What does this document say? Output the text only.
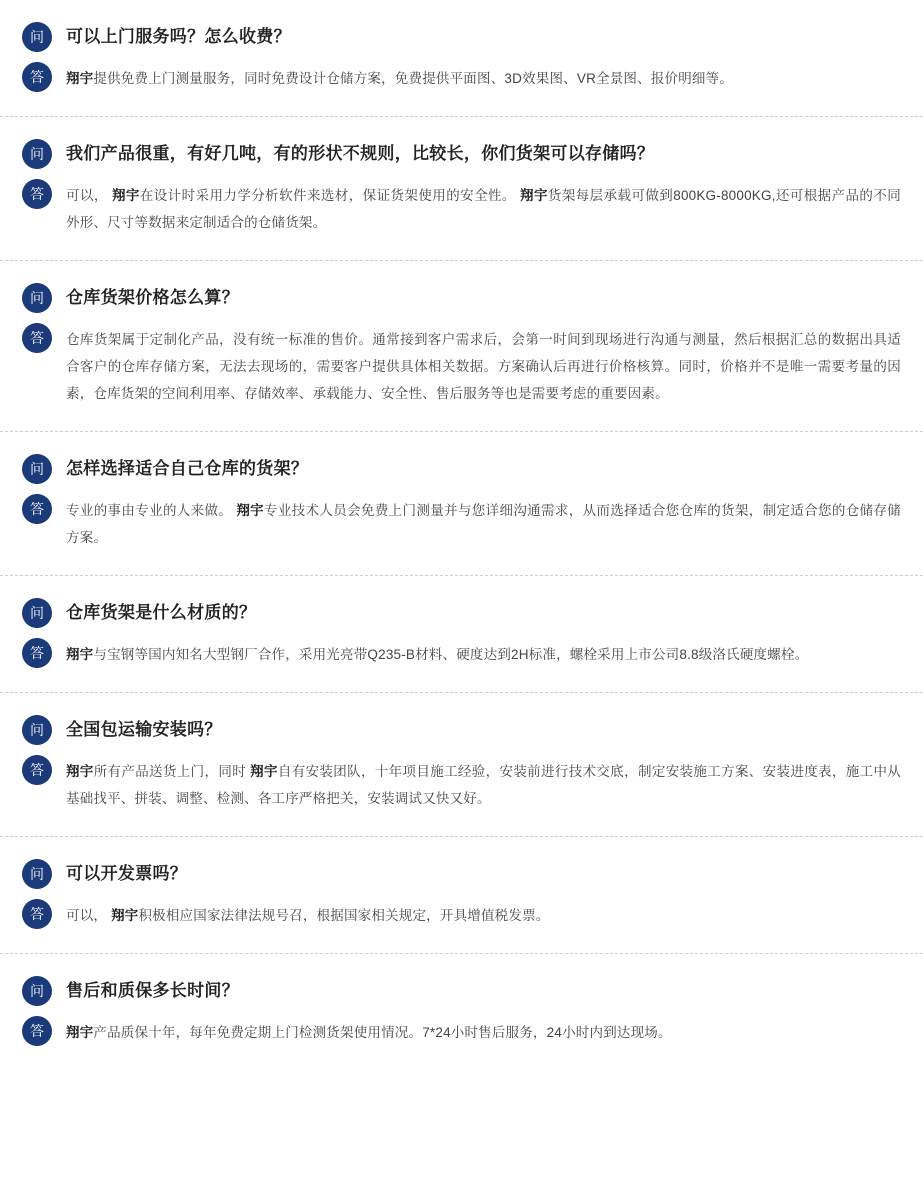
问	可以上门服务吗？怎么收费？
答	翔宇提供免费上门测量服务，同时免费设计仓储方案，免费提供平面图、3D效果图、VR全景图、报价明细等。
问	我们产品很重，有好几吨，有的形状不规则，比较长，你们货架可以存储吗？
答	可以， 翔宇在设计时采用力学分析软件来选材，保证货架使用的安全性。 翔宇货架每层承载可做到800KG-8000KG,还可根据产品的不同外形、尺寸等数据来定制适合的仓储货架。
问	仓库货架价格怎么算？
答	仓库货架属于定制化产品，没有统一标准的售价。通常接到客户需求后，会第一时间到现场进行沟通与测量，然后根据汇总的数据出具适合客户的仓库存储方案，无法去现场的，需要客户提供具体相关数据。方案确认后再进行价格核算。同时，价格并不是唯一需要考量的因素，仓库货架的空间利用率、存储效率、承载能力、安全性、售后服务等也是需要考虑的重要因素。
问	怎样选择适合自己仓库的货架？
答	专业的事由专业的人来做。 翔宇专业技术人员会免费上门测量并与您详细沟通需求，从而选择适合您仓库的货架，制定适合您的仓储存储方案。
问	仓库货架是什么材质的？
答	翔宇与宝钢等国内知名大型钢厂合作，采用光亮带Q235-B材料、硬度达到2H标准，螺栓采用上市公司8.8级洛氏硬度螺栓。
问	全国包运输安装吗？
答	翔宇所有产品送货上门，同时 翔宇自有安装团队，十年项目施工经验，安装前进行技术交底，制定安装施工方案、安装进度表，施工中从基础找平、拼装、调整、检测、各工序严格把关，安装调试又快又好。
问	可以开发票吗？
答	可以， 翔宇积极相应国家法律法规号召，根据国家相关规定，开具增值税发票。
问	售后和质保多长时间？
答	翔宇产品质保十年，每年免费定期上门检测货架使用情况。7*24小时售后服务，24小时内到达现场。
